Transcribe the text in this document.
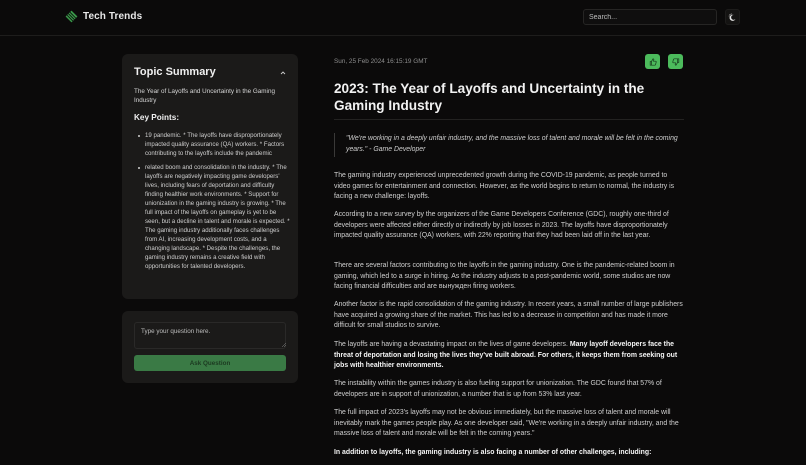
Tech Trends
Search...
Topic Summary
The Year of Layoffs and Uncertainty in the Gaming Industry
Key Points:
19 pandemic. * The layoffs have disproportionately impacted quality assurance (QA) workers. * Factors contributing to the layoffs include the pandemic
related boom and consolidation in the industry. * The layoffs are negatively impacting game developers' lives, including fears of deportation and difficulty finding healthier work environments. * Support for unionization in the gaming industry is growing. * The full impact of the layoffs on gameplay is yet to be seen, but a decline in talent and morale is expected. * The gaming industry additionally faces challenges from AI, increasing development costs, and a changing landscape. * Despite the challenges, the gaming industry remains a creative field with opportunities for talented developers.
Type your question here.
Ask Question
Sun, 25 Feb 2024 16:15:19 GMT
2023: The Year of Layoffs and Uncertainty in the Gaming Industry
"We're working in a deeply unfair industry, and the massive loss of talent and morale will be felt in the coming years." - Game Developer

The gaming industry experienced unprecedented growth during the COVID-19 pandemic, as people turned to video games for entertainment and connection. However, as the world begins to return to normal, the industry is facing a new challenge: layoffs.

According to a new survey by the organizers of the Game Developers Conference (GDC), roughly one-third of developers were affected either directly or indirectly by job losses in 2023. The layoffs have disproportionately impacted quality assurance (QA) workers, with 22% reporting that they had been laid off in the last year.

There are several factors contributing to the layoffs in the gaming industry. One is the pandemic-related boom in gaming, which led to a surge in hiring. As the industry adjusts to a post-pandemic world, some studios are now facing financial difficulties and are вынужден firing workers.

Another factor is the rapid consolidation of the gaming industry. In recent years, a small number of large publishers have acquired a growing share of the market. This has led to a decrease in competition and has made it more difficult for small studios to survive.

The layoffs are having a devastating impact on the lives of game developers. Many layoff developers face the threat of deportation and losing the lives they've built abroad. For others, it keeps them from seeking out jobs with healthier environments.

The instability within the games industry is also fueling support for unionization. The GDC found that 57% of developers are in support of unionization, a number that is up from 53% last year.

The full impact of 2023's layoffs may not be obvious immediately, but the massive loss of talent and morale will inevitably mark the games people play. As one developer said, "We're working in a deeply unfair industry, and the massive loss of talent and morale will be felt in the coming years."

In addition to layoffs, the gaming industry is also facing a number of other challenges, including:
